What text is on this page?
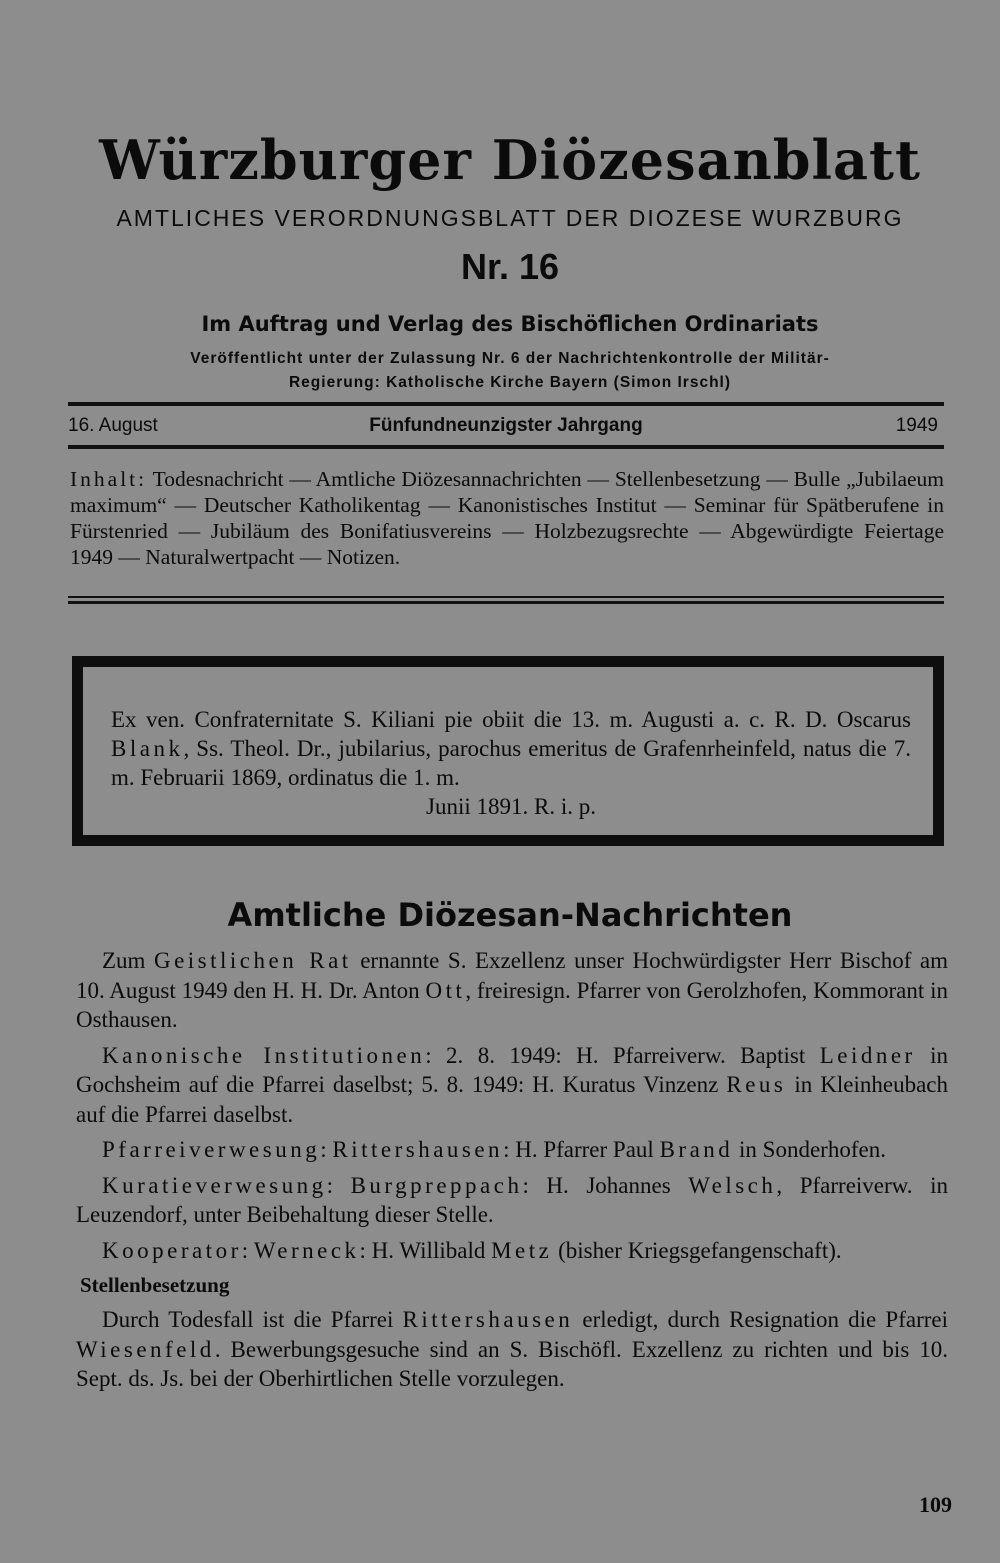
Würzburger Diözesanblatt
AMTLICHES VERORDNUNGSBLATT DER DIOZESE WURZBURG
Nr. 16
Im Auftrag und Verlag des Bischöflichen Ordinariats
Veröffentlicht unter der Zulassung Nr. 6 der Nachrichtenkontrolle der Militär-
Regierung: Katholische Kirche Bayern (Simon Irschl)
16. August	Fünfundneunzigster Jahrgang	1949
Inhalt: Todesnachricht — Amtliche Diözesannachrichten — Stellenbesetzung — Bulle „Jubilaeum maximum“ — Deutscher Katholikentag — Kanonistisches Institut — Seminar für Spätberufene in Fürstenried — Jubiläum des Bonifatiusvereins — Holzbezugsrechte — Abgewürdigte Feiertage 1949 — Naturalwertpacht — Notizen.
Ex ven. Confraternitate S. Kiliani pie obiit die 13. m. Augusti a. c. R. D. Oscarus Blank, Ss. Theol. Dr., jubilarius, parochus emeritus de Grafenrheinfeld, natus die 7. m. Februarii 1869, ordinatus die 1. m.
Junii 1891. R. i. p.
Amtliche Diözesan-Nachrichten

Zum Geistlichen Rat ernannte S. Exzellenz unser Hochwürdigster Herr Bischof am 10. August 1949 den H. H. Dr. Anton Ott, freiresign. Pfarrer von Gerolzhofen, Kommorant in Osthausen.

Kanonische Institutionen: 2. 8. 1949: H. Pfarreiverw. Baptist Leidner in Gochsheim auf die Pfarrei daselbst; 5. 8. 1949: H. Kuratus Vinzenz Reus in Kleinheubach auf die Pfarrei daselbst.

Pfarreiverwesung: Rittershausen: H. Pfarrer Paul Brand in Sonderhofen.

Kuratieverwesung: Burgpreppach: H. Johannes Welsch, Pfarreiverw. in Leuzendorf, unter Beibehaltung dieser Stelle.

Kooperator: Werneck: H. Willibald Metz (bisher Kriegsgefangenschaft).

Stellenbesetzung

Durch Todesfall ist die Pfarrei Rittershausen erledigt, durch Resignation die Pfarrei Wiesenfeld. Bewerbungsgesuche sind an S. Bischöfl. Exzellenz zu richten und bis 10. Sept. ds. Js. bei der Oberhirtlichen Stelle vorzulegen.

109
